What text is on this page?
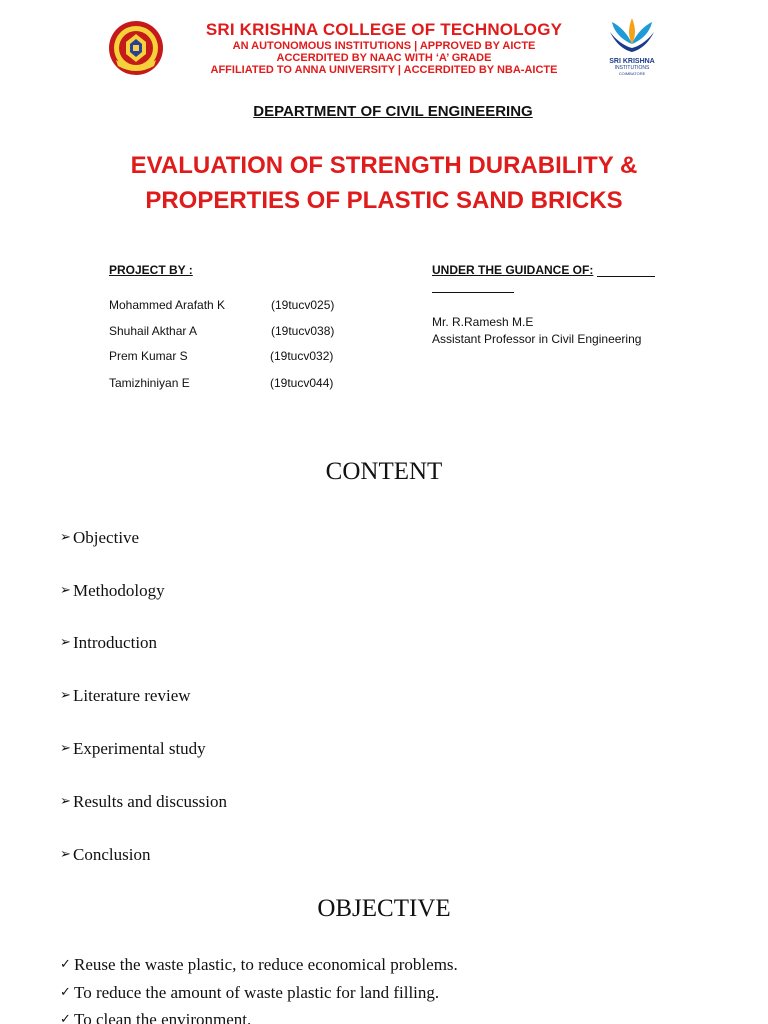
SRI KRISHNA COLLEGE OF TECHNOLOGY
AN AUTONOMOUS INSTITUTIONS | APPROVED BY AICTE
ACCERDITED BY NAAC WITH ‘A’ GRADE
AFFILIATED TO ANNA UNIVERSITY | ACCERDITED BY NBA-AICTE
SRI KRISHNA
INSTITUTIONS
COIMBATORE
DEPARTMENT OF CIVIL ENGINEERING
EVALUATION OF STRENGTH DURABILITY & PROPERTIES OF PLASTIC SAND BRICKS
PROJECT BY :
Mohammed Arafath K	(19tucv025)
Shuhail Akthar A	(19tucv038)
Prem Kumar S	(19tucv032)
Tamizhiniyan E	(19tucv044)
UNDER THE GUIDANCE OF:
Mr. R.Ramesh M.E
Assistant Professor in Civil Engineering
CONTENT
➢ Objective
➢ Methodology
➢ Introduction
➢ Literature review
➢ Experimental study
➢ Results and discussion
➢ Conclusion
OBJECTIVE
✓ Reuse the waste plastic, to reduce economical problems.
✓ To reduce the amount of waste plastic for land filling.
✓ To clean the environment.
